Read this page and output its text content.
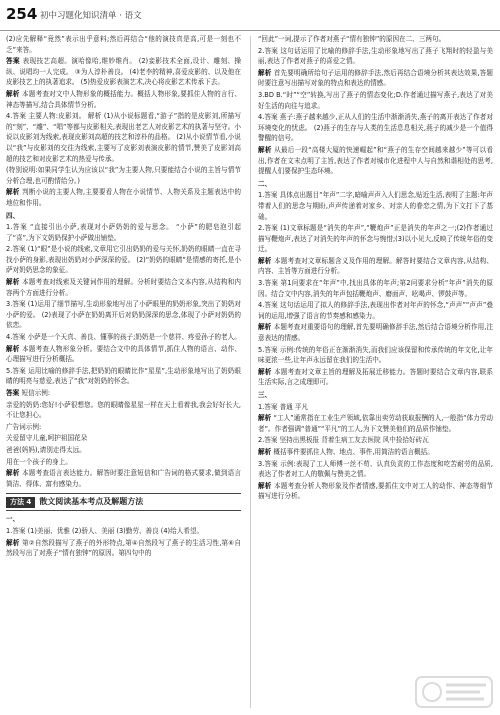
254 初中习题化知识清单 · 语文

(2)应先解释“竟然”表示出乎意料;然后再结合“他的演技真是高,可是一刻也不乏”来答。

答案 表现技艺高超。演哈像哈,维妙维肖。 (2)妾影技术全面,设计、雕刻、操纵、说唱均一人完成。 ③为人淳朴善良。 (4)老李的精神,喜爱皮影的、以及他在皮影技艺上的执著追求。 (5)热爱皮影表演艺术,决心将皮影艺术传承下去。

解析 本题考查对文中人物形象的概括能力。概括人物形象,要抓住人物的言行、神态等描写,结合具体情节分析。

4.答案 主要人物:皮影刘。 解析 (1)从小说标题看,“游子”指的是皮影刘,所描写的“刻”、“雕”、“唱”等都与皮影相关,表现出老艺人对皮影艺术的执著与坚守。小说以皮影刘为线索,表现皮影刘高超的技艺和淳朴的品格。 (2)从小说情节看,小说以“我”与皮影刘的交往为线索,主要写了皮影刘表演皮影的情节,赞美了皮影刘高超的技艺和对皮影艺术的热爱与传承。

(特别说明:如果同学生认为应该以“我”为主要人物,只要能结合小说的主旨与情节分析合理,也可酌情给分。)

解析 判断小说的主要人物,主要要看人物在小说情节、人物关系及主题表达中的地位和作用。

四、

1.答案 “直接引出小萨,表现对小萨奶奶的爱与思念。 “小萨”的肥皂泡引起了“喜”,为下文奶奶保护小萨做出铺垫。

2.答案 (1)“眼”是小说的线索,文章用它引出奶奶的爱与关怀,奶奶的眼睛一直在寻找小萨的身影,表现出奶奶对小萨深深的爱。 (2)“奶奶的眼睛”是情感的寄托,是小萨对奶奶思念的象征。

解析 本题考查对线索及关键词作用的理解。分析时要结合文本内容,从结构和内容两个方面进行分析。

3.答案 (1)运用了细节描写,生动形象地写出了小萨眼里的奶奶形象,突出了奶奶对小萨的爱。 (2)表现了小萨在奶奶离开后对奶奶深深的思念,体现了小萨对奶奶的依恋。

4.答案 小萨是一个天真、善良、懂事的孩子;奶奶是一个慈祥、疼爱孙子的老人。

解析 本题考查人物形象分析。要结合文中的具体情节,抓住人物的语言、动作、心理描写进行分析概括。

5.答案 运用比喻的修辞手法,把奶奶的眼睛比作“星星”,生动形象地写出了奶奶眼睛的明亮与慈爱,表达了“我”对奶奶的怀念。

答案 短信示例:

亲爱的奶奶:您好!小萨很想您。您的眼睛像星星一样在天上看着我,我会好好长大,不让您担心。

广告词示例:

关爱留守儿童,呵护祖国花朵

爸爸(妈妈),请别走得太远。

用在一个孩子的身上。

解析 本题考查语言表达能力。解答时要注意短信和广告词的格式要求,做到语言简洁、得体、富有感染力。

方法 4 散文阅读基本考点及解题方法
一、

1.答案 (1)美丽、优雅 (2)骄人、美丽 (3)勤劳、善良 (4)给人希望。

解析 第②自然段描写了燕子的外形特点,第④自然段写了燕子的生活习性,第⑥自然段写出了对燕子“情有独钟”的原因。第四句中的

“回此”一词,提示了作者对燕子“情有独钟”的原因在二、三两句。

2.答案 这句话运用了比喻的修辞手法,生动形象地写出了燕子飞翔时的轻盈与美丽,表达了作者对燕子的喜爱之情。

解析 首先要明确所给句子运用的修辞手法,然后再结合语境分析其表达效果,答题时要注意写出描写对象的特点和表达的情感。

3.BD B.“时”“空”转换,写出了燕子的情态变化;D.作者通过描写燕子,表达了对美好生活的向往与追求。

4.答案 燕子:燕子越来越少,正从人们的生活中渐渐消失,燕子的离开表达了作者对环境变化的忧虑。 (2)燕子的生存与人类的生活息息相关,燕子的减少是一个值得警醒的信号。

解析 从最后一段“高楼大厦的快速崛起”和“燕子的生存空间越来越少”等可以看出,作者在文末点明了主旨,表达了作者对城市化进程中人与自然和谐相处的思考,提醒人们要保护生态环境。

二、

1.答案 具体点出题目“年声”二字,暗喻声声入人们思念,贴近生活,表明了主题:年声带着人们的思念与期盼,声声传递着对家乡、对亲人的眷恋之情,为下文打下了基础。

2.答案 (1)文章标题是“消失的年声”,“鞭炮声”正是消失的年声之一;(2)作者通过描写鞭炮声,表达了对消失的年声的怀念与惋惜;(3)以小见大,反映了传统年俗的变迁。

解析 本题考查对文章标题含义及作用的理解。解答时要结合文章内容,从结构、内容、主旨等方面进行分析。

3.答案 第1问要求在“年声”中,找出具体的年声;第2问要求分析“年声”消失的原因。结合文中内容,消失的年声包括鞭炮声、磨面声、吆喝声、锣鼓声等。

4.答案 这句话运用了拟人的修辞手法,表现出作者对年声的怀念,“声声”“声声”叠词的运用,增强了语言的节奏感和感染力。

解析 本题考查对重要语句的理解,首先要明确修辞手法,然后结合语境分析作用,注意表达的情感。

5.答案 示例:传统的年俗正在渐渐消失,而我们应该保留和传承传统的年文化,让年味更浓一些,让年声永远留在我们的生活中。

解析 本题考查对文章主旨的理解及拓展迁移能力。答题时要结合文章内容,联系生活实际,言之成理即可。

三、

1.答案 普通 平凡

解析 “工人”通常指在工业生产领域,依靠出卖劳动获取报酬的人,一般指“体力劳动者”。作者强调“普通”“平凡”的工人,为下文赞美他们的品质作铺垫。

2.答案 坚持出黑板报 背着生病工友去医院 风中捡拾好砖瓦

解析 概括事件要抓住人物、地点、事件,用简洁的语言概括。

3.答案 示例:表现了工人师傅一丝不苟、认真负责的工作态度和吃苦耐劳的品质,表达了作者对工人的敬佩与赞美之情。

解析 本题考查分析人物形象及作者情感,要抓住文中对工人的动作、神态等细节描写进行分析。
